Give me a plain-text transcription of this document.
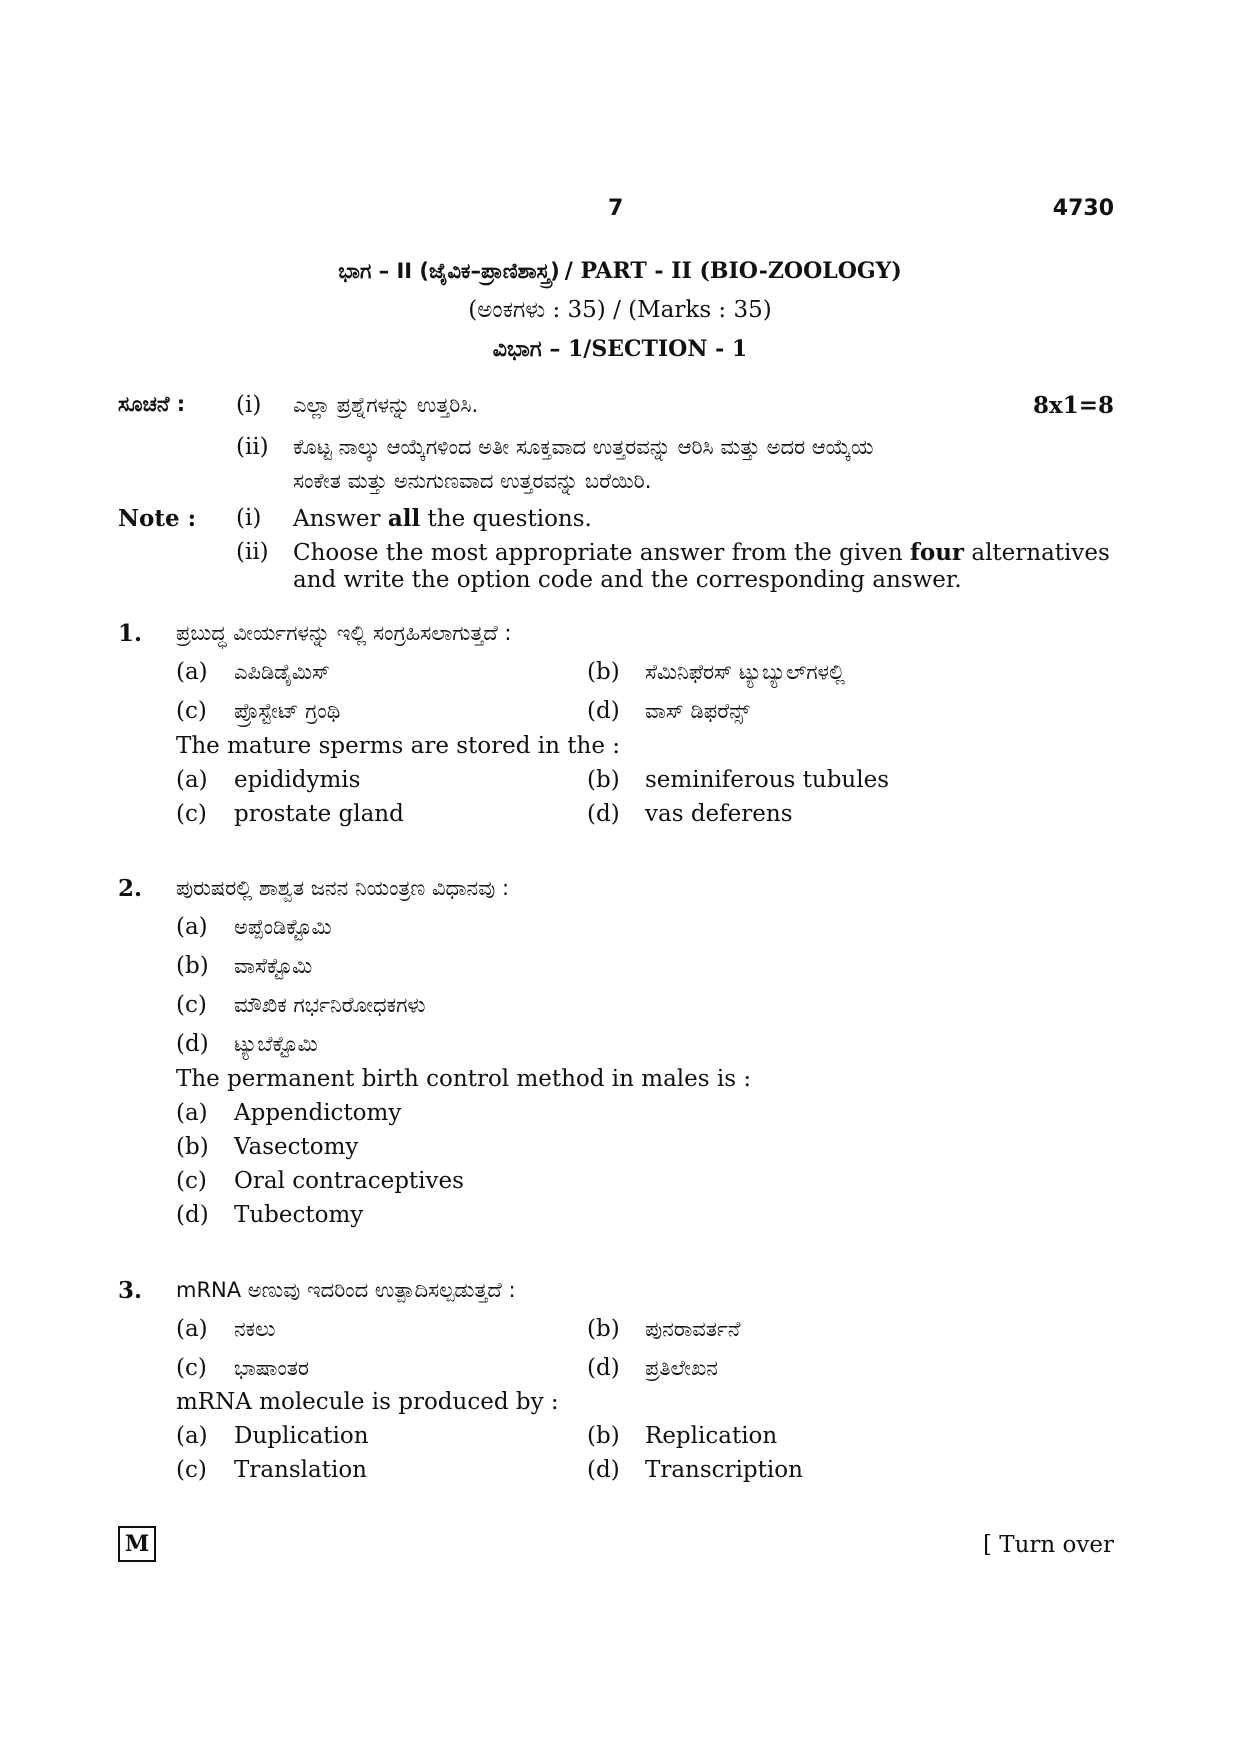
7	4730
ಭಾಗ – II (ಜೈವಿಕ–ಪ್ರಾಣಿಶಾಸ್ತ್ರ) / PART - II (BIO-ZOOLOGY)
(ಅಂಕಗಳು : 35) / (Marks : 35)
ವಿಭಾಗ – 1/SECTION - 1
ಸೂಚನೆ : (i) ಎಲ್ಲಾ ಪ್ರಶ್ನೆಗಳನ್ನು ಉತ್ತರಿಸಿ.	8x1=8
(ii) ಕೊಟ್ಟ ನಾಲ್ಕು ಆಯ್ಕೆಗಳಿಂದ ಅತೀ ಸೂಕ್ತವಾದ ಉತ್ತರವನ್ನು ಆರಿಸಿ ಮತ್ತು ಅದರ ಆಯ್ಕೆಯ
ಸಂಕೇತ ಮತ್ತು ಅನುಗುಣವಾದ ಉತ್ತರವನ್ನು ಬರೆಯಿರಿ.
Note : (i) Answer all the questions.
(ii) Choose the most appropriate answer from the given four alternatives
and write the option code and the corresponding answer.
1. ಪ್ರಬುದ್ಧ ವೀರ್ಯಗಳನ್ನು ಇಲ್ಲಿ ಸಂಗ್ರಹಿಸಲಾಗುತ್ತದೆ :
(a) ಎಪಿಡಿಡೈಮಿಸ್	(b) ಸೆಮಿನಿಫೆರಸ್ ಟ್ಯುಬ್ಯುಲ್‌ಗಳಲ್ಲಿ
(c) ಪ್ರೊಸ್ಟೇಟ್ ಗ್ರಂಥಿ	(d) ವಾಸ್ ಡಿಫರೆನ್ಸ್
The mature sperms are stored in the :
(a) epididymis	(b) seminiferous tubules
(c) prostate gland	(d) vas deferens
2. ಪುರುಷರಲ್ಲಿ ಶಾಶ್ವತ ಜನನ ನಿಯಂತ್ರಣ ವಿಧಾನವು :
(a) ಅಪ್ಪೆಂಡಿಕ್ಟೊಮಿ
(b) ವಾಸೆಕ್ಟೊಮಿ
(c) ಮೌಖಿಕ ಗರ್ಭನಿರೋಧಕಗಳು
(d) ಟ್ಯುಬೆಕ್ಟೊಮಿ
The permanent birth control method in males is :
(a) Appendictomy
(b) Vasectomy
(c) Oral contraceptives
(d) Tubectomy
3. mRNA ಅಣುವು ಇದರಿಂದ ಉತ್ಪಾದಿಸಲ್ಪಡುತ್ತದೆ :
(a) ನಕಲು	(b) ಪುನರಾವರ್ತನೆ
(c) ಭಾಷಾಂತರ	(d) ಪ್ರತಿಲೇಖನ
mRNA molecule is produced by :
(a) Duplication	(b) Replication
(c) Translation	(d) Transcription
M	[ Turn over
